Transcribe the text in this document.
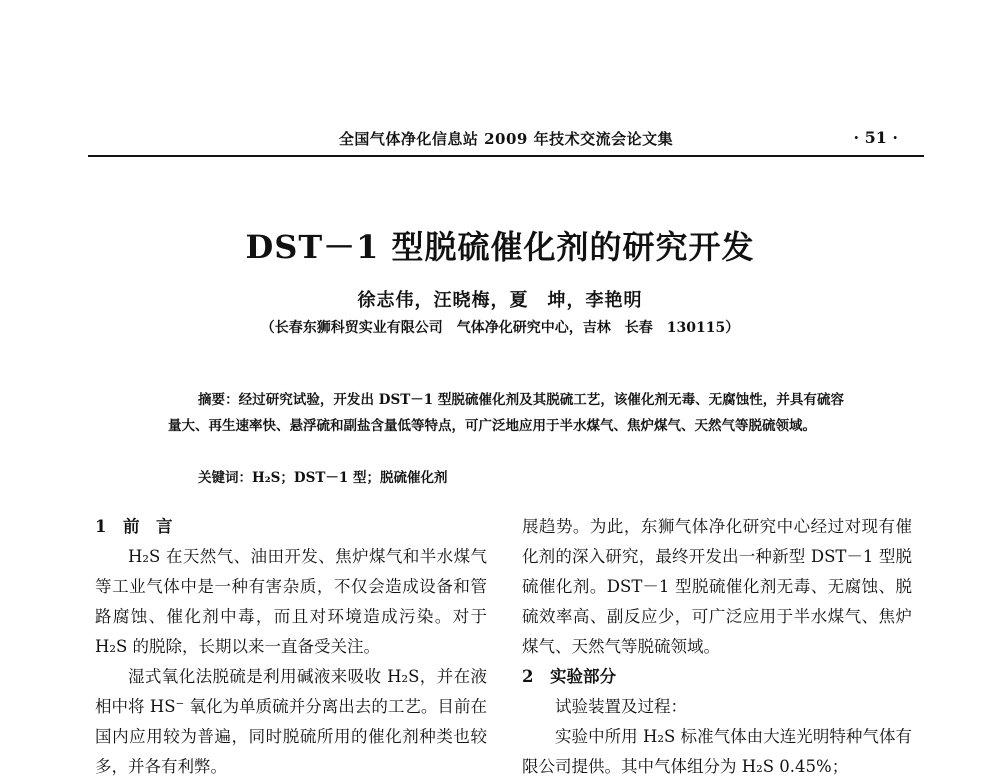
全国气体净化信息站 2009 年技术交流会论文集	· 51 ·
DST－1 型脱硫催化剂的研究开发
徐志伟，汪晓梅，夏　坤，李艳明
（长春东狮科贸实业有限公司　气体净化研究中心，吉林　长春　130115）
摘要：经过研究试验，开发出 DST－1 型脱硫催化剂及其脱硫工艺，该催化剂无毒、无腐蚀性，并具有硫容量大、再生速率快、悬浮硫和副盐含量低等特点，可广泛地应用于半水煤气、焦炉煤气、天然气等脱硫领域。
关键词：H₂S；DST－1 型；脱硫催化剂
1　前　言

H₂S 在天然气、油田开发、焦炉煤气和半水煤气等工业气体中是一种有害杂质，不仅会造成设备和管路腐蚀、催化剂中毒，而且对环境造成污染。对于 H₂S 的脱除，长期以来一直备受关注。

湿式氧化法脱硫是利用碱液来吸收 H₂S，并在液相中将 HS⁻ 氧化为单质硫并分离出去的工艺。目前在国内应用较为普遍，同时脱硫所用的催化剂种类也较多，并各有利弊。

展趋势。为此，东狮气体净化研究中心经过对现有催化剂的深入研究，最终开发出一种新型 DST－1 型脱硫催化剂。DST－1 型脱硫催化剂无毒、无腐蚀、脱硫效率高、副反应少，可广泛应用于半水煤气、焦炉煤气、天然气等脱硫领域。

2　实验部分
试验装置及过程：

实验中所用 H₂S 标准气体由大连光明特种气体有限公司提供。其中气体组分为 H₂S 0.45%；
